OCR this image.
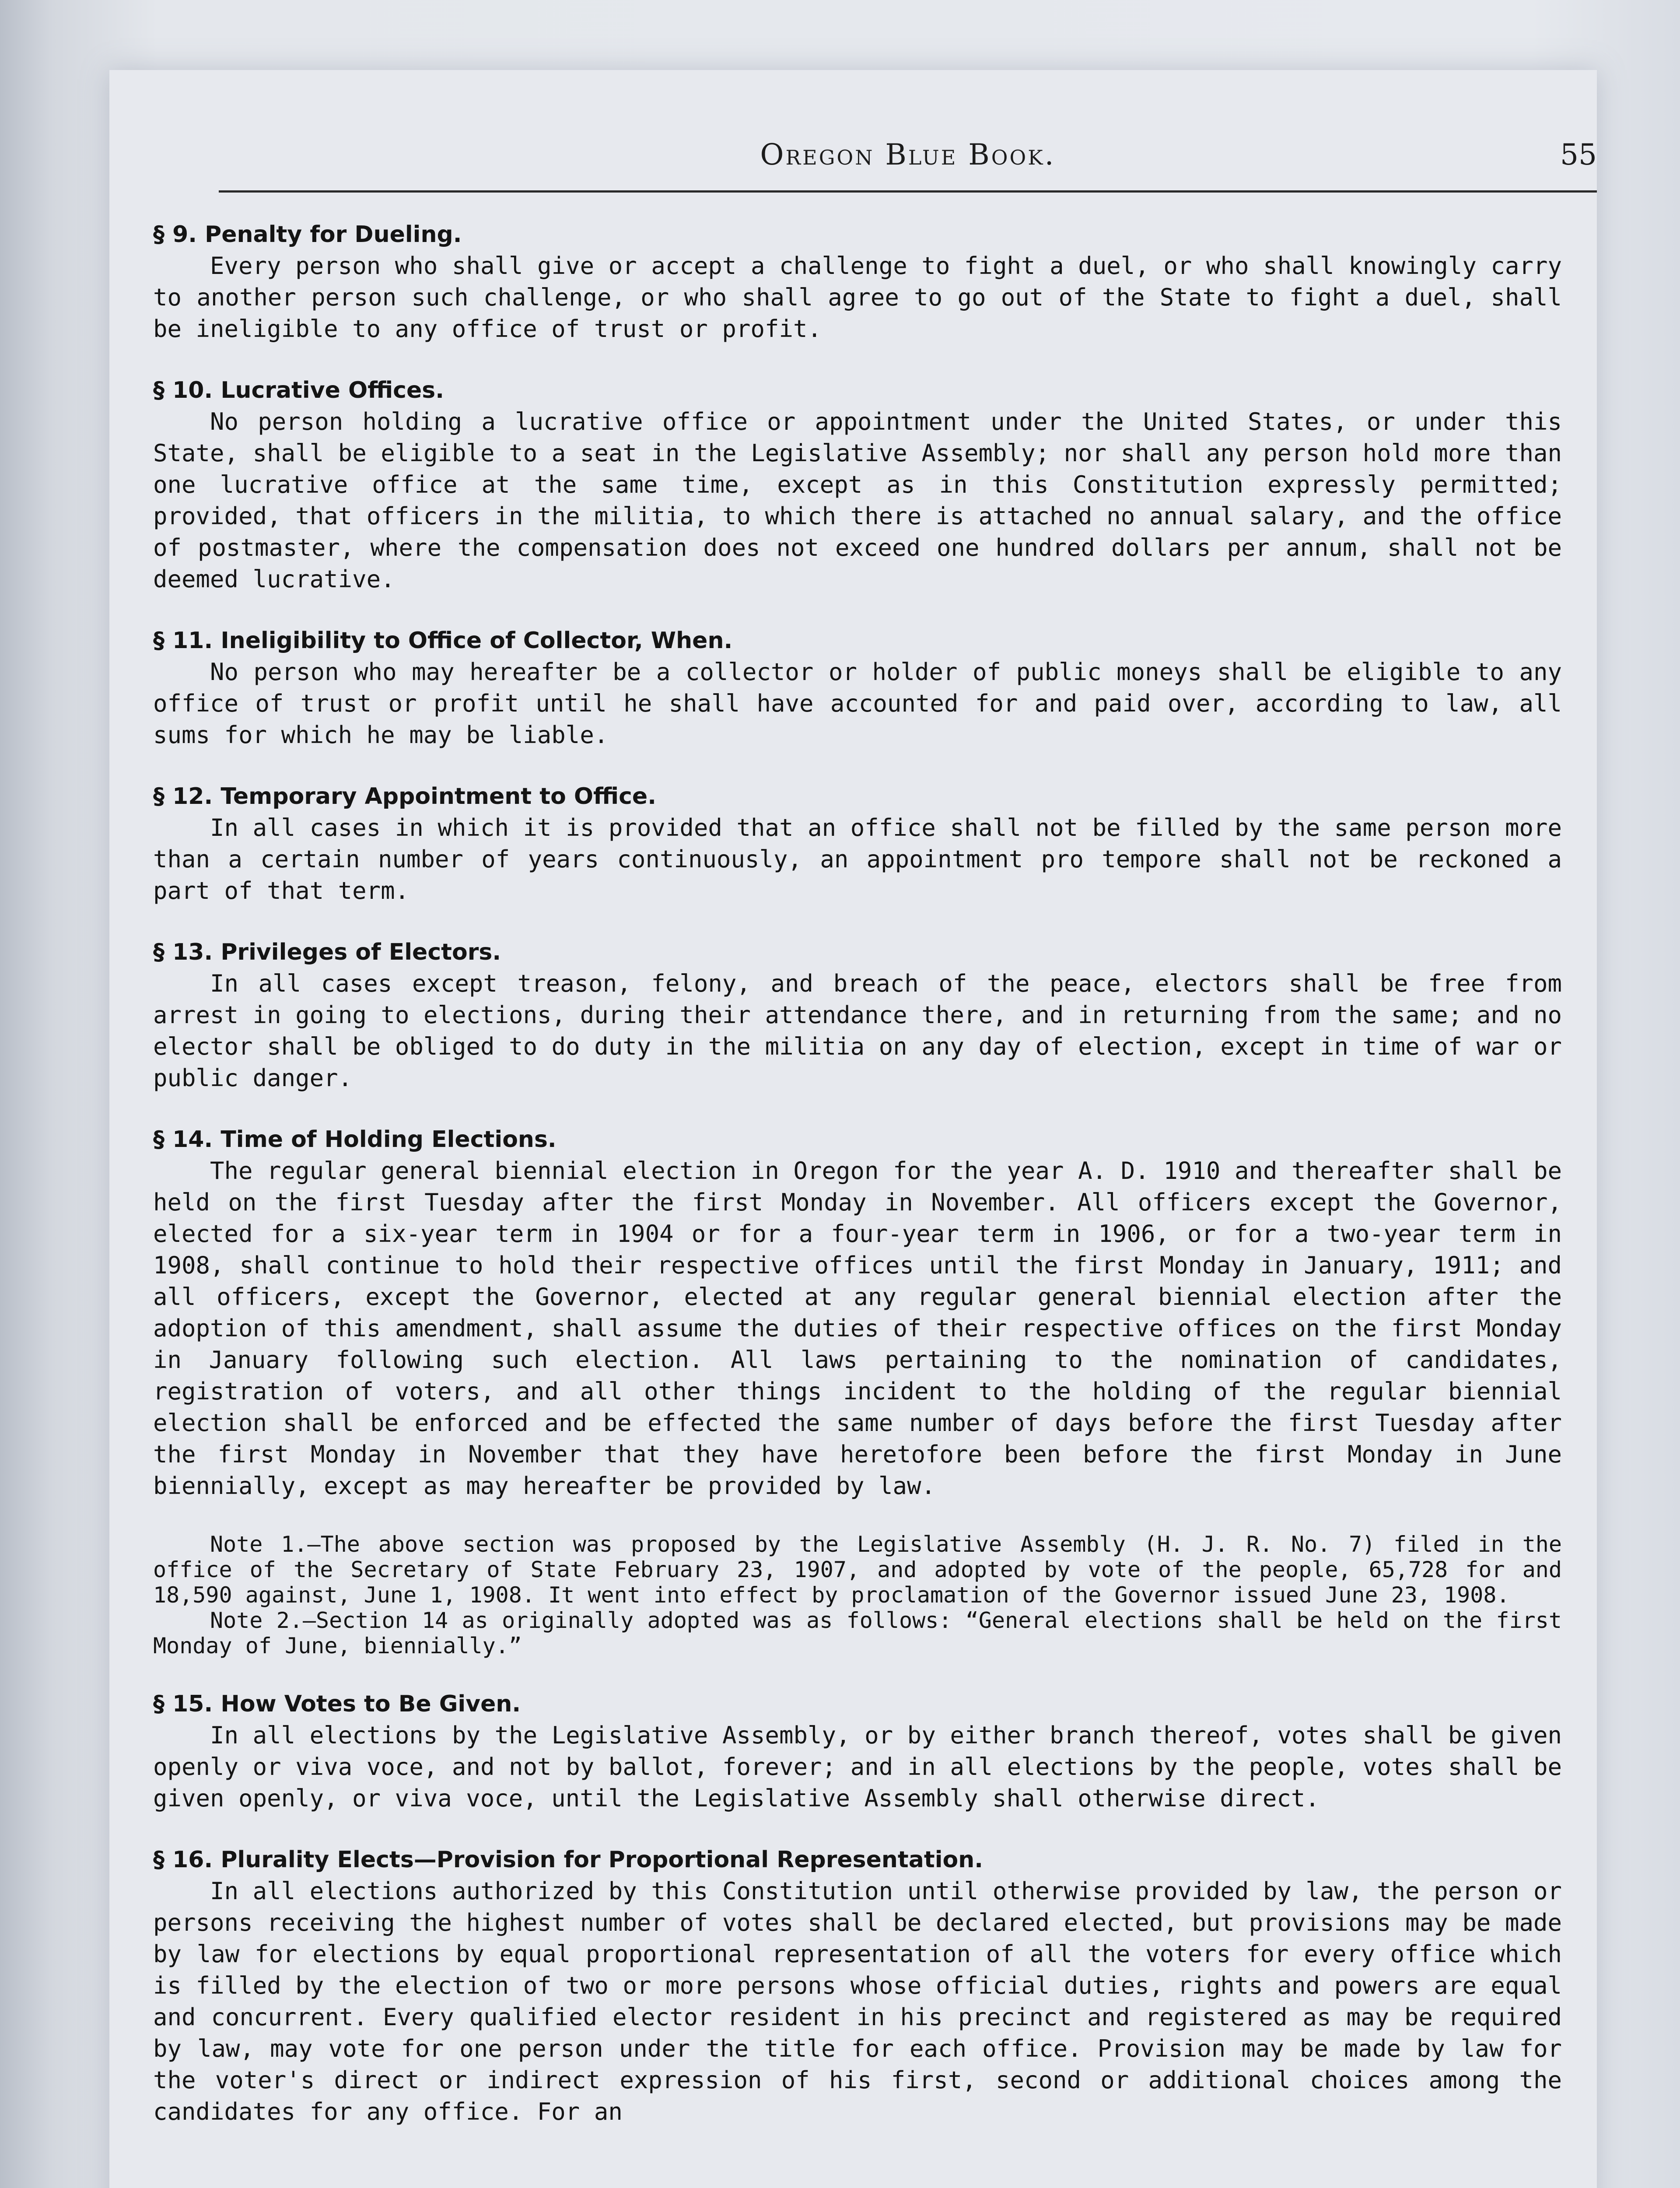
Oregon Blue Book.	55

§ 9. Penalty for Dueling.

Every person who shall give or accept a challenge to fight a duel, or who shall knowingly carry to another person such challenge, or who shall agree to go out of the State to fight a duel, shall be ineligible to any office of trust or profit.

§ 10. Lucrative Offices.

No person holding a lucrative office or appointment under the United States, or under this State, shall be eligible to a seat in the Legislative Assembly; nor shall any person hold more than one lucrative office at the same time, except as in this Constitution expressly permitted; provided, that officers in the militia, to which there is attached no annual salary, and the office of postmaster, where the compensation does not exceed one hundred dollars per annum, shall not be deemed lucrative.

§ 11. Ineligibility to Office of Collector, When.

No person who may hereafter be a collector or holder of public moneys shall be eligible to any office of trust or profit until he shall have accounted for and paid over, according to law, all sums for which he may be liable.

§ 12. Temporary Appointment to Office.

In all cases in which it is provided that an office shall not be filled by the same person more than a certain number of years continuously, an appointment pro tempore shall not be reckoned a part of that term.

§ 13. Privileges of Electors.

In all cases except treason, felony, and breach of the peace, electors shall be free from arrest in going to elections, during their attendance there, and in returning from the same; and no elector shall be obliged to do duty in the militia on any day of election, except in time of war or public danger.

§ 14. Time of Holding Elections.

The regular general biennial election in Oregon for the year A. D. 1910 and thereafter shall be held on the first Tuesday after the first Monday in November. All officers except the Governor, elected for a six-year term in 1904 or for a four-year term in 1906, or for a two-year term in 1908, shall continue to hold their respective offices until the first Monday in January, 1911; and all officers, except the Governor, elected at any regular general biennial election after the adoption of this amendment, shall assume the duties of their respective offices on the first Monday in January following such election. All laws pertaining to the nomination of candidates, registration of voters, and all other things incident to the holding of the regular biennial election shall be enforced and be effected the same number of days before the first Tuesday after the first Monday in November that they have heretofore been before the first Monday in June biennially, except as may hereafter be provided by law.

Note 1.—The above section was proposed by the Legislative Assembly (H. J. R. No. 7) filed in the office of the Secretary of State February 23, 1907, and adopted by vote of the people, 65,728 for and 18,590 against, June 1, 1908. It went into effect by proclamation of the Governor issued June 23, 1908.

Note 2.—Section 14 as originally adopted was as follows: “General elections shall be held on the first Monday of June, biennially.”

§ 15. How Votes to Be Given.

In all elections by the Legislative Assembly, or by either branch thereof, votes shall be given openly or viva voce, and not by ballot, forever; and in all elections by the people, votes shall be given openly, or viva voce, until the Legislative Assembly shall otherwise direct.

§ 16. Plurality Elects—Provision for Proportional Representation.

In all elections authorized by this Constitution until otherwise provided by law, the person or persons receiving the highest number of votes shall be declared elected, but provisions may be made by law for elections by equal proportional representation of all the voters for every office which is filled by the election of two or more persons whose official duties, rights and powers are equal and concurrent. Every qualified elector resident in his precinct and registered as may be required by law, may vote for one person under the title for each office. Provision may be made by law for the voter's direct or indirect expression of his first, second or additional choices among the candidates for any office. For an
